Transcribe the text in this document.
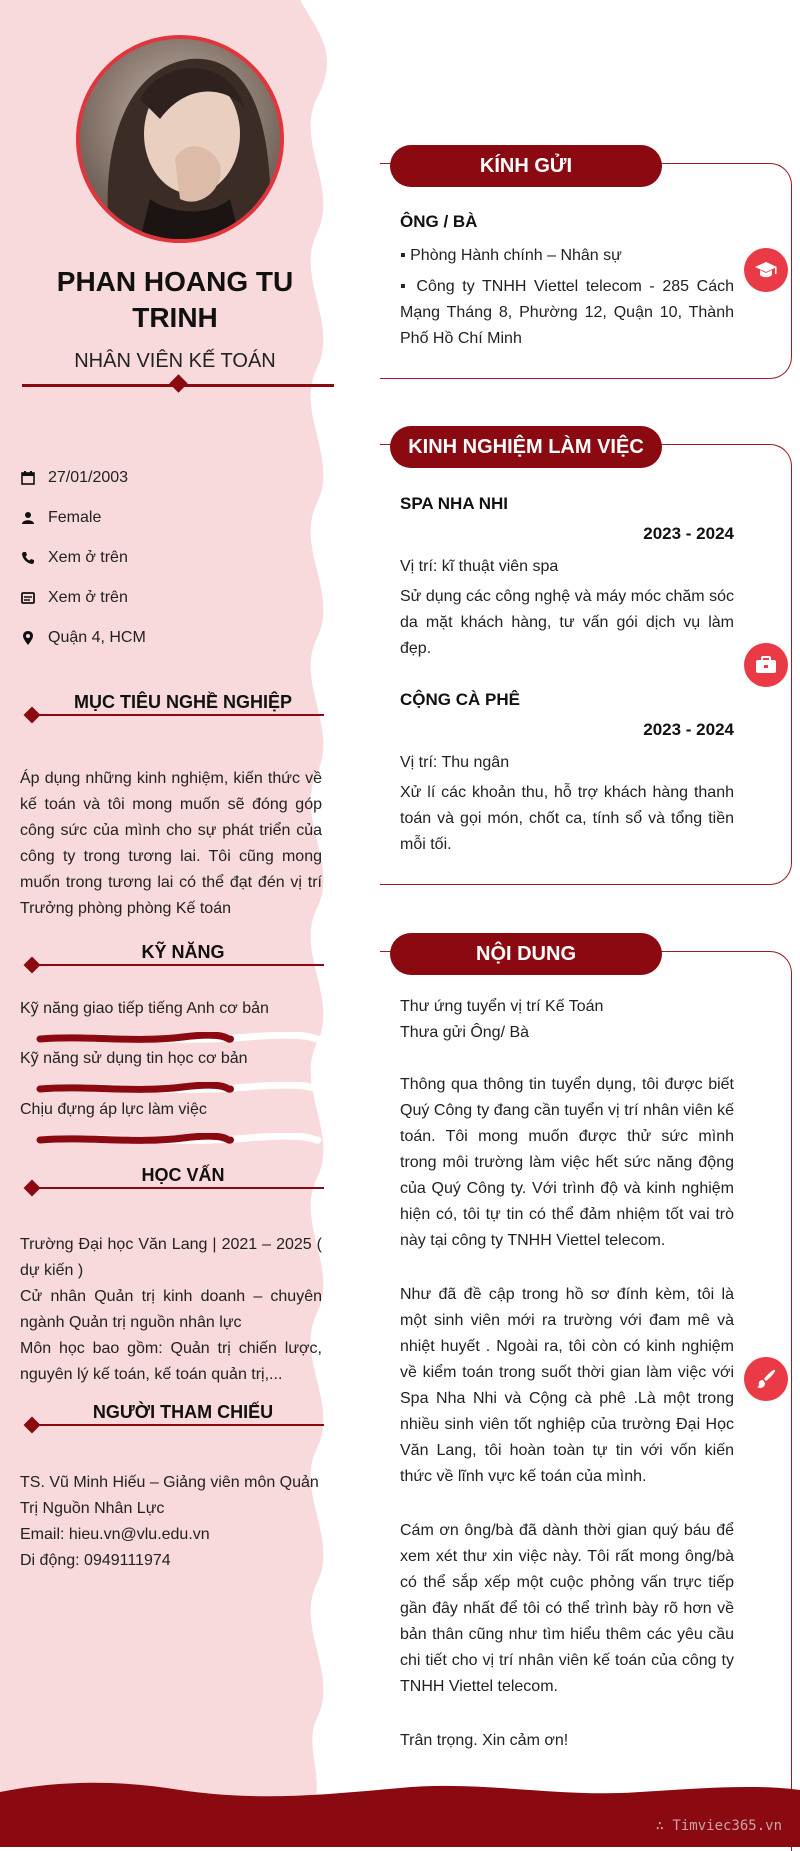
PHAN HOANG TU
TRINH
NHÂN VIÊN KẾ TOÁN
27/01/2003
Female
Xem ở trên
Xem ở trên
Quận 4, HCM
MỤC TIÊU NGHỀ NGHIỆP
Áp dụng những kinh nghiệm, kiến thức về kế toán và tôi mong muốn sẽ đóng góp công sức của mình cho sự phát triển của công ty trong tương lai. Tôi cũng mong muốn trong tương lai có thể đạt đén vị trí Trưởng phòng phòng Kế toán
KỸ NĂNG
Kỹ năng giao tiếp tiếng Anh cơ bản
Kỹ năng sử dụng tin học cơ bản
Chịu đựng áp lực làm việc
HỌC VẤN
Trường Đại học Văn Lang | 2021 – 2025 ( dự kiến )
Cử nhân Quản trị kinh doanh – chuyên ngành Quản trị nguồn nhân lực
Môn học bao gồm: Quản trị chiến lược, nguyên lý kế toán, kế toán quản trị,...
NGƯỜI THAM CHIẾU
TS. Vũ Minh Hiếu – Giảng viên môn Quản Trị Nguồn Nhân Lực
Email: hieu.vn@vlu.edu.vn
Di động: 0949111974
KÍNH GỬI
ÔNG / BÀ
▪ Phòng Hành chính – Nhân sự
▪ Công ty TNHH Viettel telecom - 285 Cách Mạng Tháng 8, Phường 12, Quận 10, Thành Phố Hồ Chí Minh
KINH NGHIỆM LÀM VIỆC
SPA NHA NHI
2023 - 2024
Vị trí: kĩ thuật viên spa
Sử dụng các công nghệ và máy móc chăm sóc da mặt khách hàng, tư vấn gói dịch vụ làm đẹp.
CỘNG CÀ PHÊ
2023 - 2024
Vị trí: Thu ngân
Xử lí các khoản thu, hỗ trợ khách hàng thanh toán và gọi món, chốt ca, tính sổ và tổng tiền mỗi tối.
NỘI DUNG
Thư ứng tuyển vị trí Kế Toán
Thưa gửi Ông/ Bà
Thông qua thông tin tuyển dụng, tôi được biết Quý Công ty đang cần tuyển vị trí nhân viên kế toán. Tôi mong muốn được thử sức mình trong môi trường làm việc hết sức năng động của Quý Công ty. Với trình độ và kinh nghiệm hiện có, tôi tự tin có thể đảm nhiệm tốt vai trò này tại công ty TNHH Viettel telecom.
Như đã đề cập trong hồ sơ đính kèm, tôi là một sinh viên mới ra trường với đam mê và nhiệt huyết . Ngoài ra, tôi còn có kinh nghiệm về kiểm toán trong suốt thời gian làm việc với Spa Nha Nhi và Cộng cà phê .Là một trong nhiều sinh viên tốt nghiệp của trường Đại Học Văn Lang, tôi hoàn toàn tự tin với vốn kiến thức về lĩnh vực kế toán của mình.
Cám ơn ông/bà đã dành thời gian quý báu để xem xét thư xin việc này. Tôi rất mong ông/bà có thể sắp xếp một cuộc phỏng vấn trực tiếp gần đây nhất để tôi có thể trình bày rõ hơn về bản thân cũng như tìm hiểu thêm các yêu cầu chi tiết cho vị trí nhân viên kế toán của công ty TNHH Viettel telecom.
Trân trọng. Xin cảm ơn!
∴ Timviec365.vn
